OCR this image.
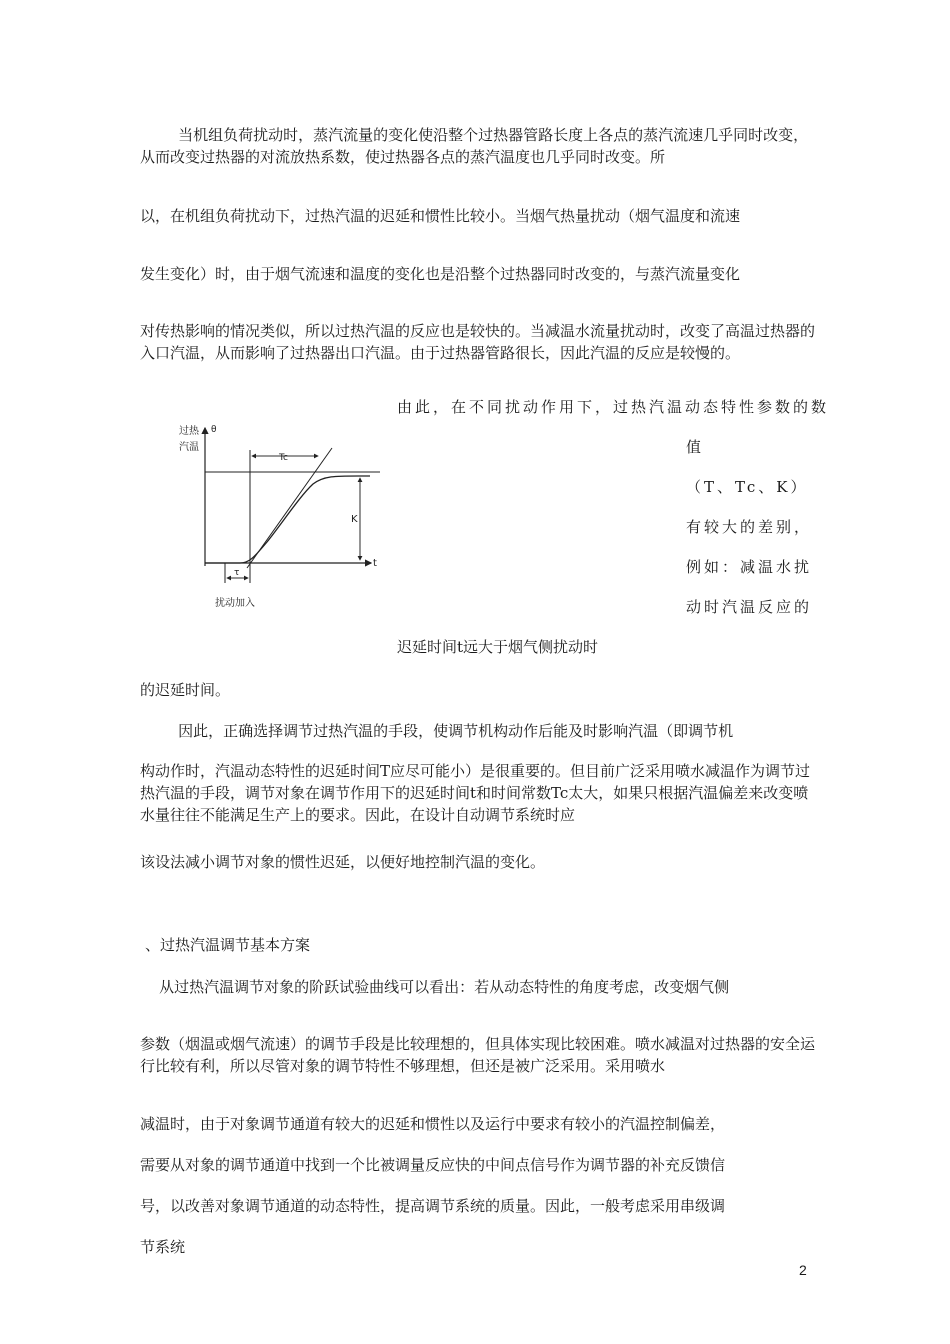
当机组负荷扰动时，蒸汽流量的变化使沿整个过热器管路长度上各点的蒸汽流速几乎同时改变，从而改变过热器的对流放热系数，使过热器各点的蒸汽温度也几乎同时改变。所
以，在机组负荷扰动下，过热汽温的迟延和惯性比较小。当烟气热量扰动（烟气温度和流速
发生变化）时，由于烟气流速和温度的变化也是沿整个过热器同时改变的，与蒸汽流量变化
对传热影响的情况类似，所以过热汽温的反应也是较快的。当减温水流量扰动时，改变了高温过热器的入口汽温，从而影响了过热器出口汽温。由于过热器管路很长，因此汽温的反应是较慢的。
由此，在不同扰动作用下，过热汽温动态特性参数的数
值
（T、Tc、K）
有较大的差别，
例如：减温水扰
动时汽温反应的
迟延时间t远大于烟气侧扰动时
过热
汽温
θ
t
Tc
K
τ
扰动加入
的迟延时间。
因此，正确选择调节过热汽温的手段，使调节机构动作后能及时影响汽温（即调节机
构动作时，汽温动态特性的迟延时间T应尽可能小）是很重要的。但目前广泛采用喷水减温作为调节过热汽温的手段，调节对象在调节作用下的迟延时间t和时间常数Tc太大，如果只根据汽温偏差来改变喷水量往往不能满足生产上的要求。因此，在设计自动调节系统时应
该设法减小调节对象的惯性迟延，以便好地控制汽温的变化。
、过热汽温调节基本方案
从过热汽温调节对象的阶跃试验曲线可以看出：若从动态特性的角度考虑，改变烟气侧
参数（烟温或烟气流速）的调节手段是比较理想的，但具体实现比较困难。喷水减温对过热器的安全运行比较有利，所以尽管对象的调节特性不够理想，但还是被广泛采用。采用喷水
减温时，由于对象调节通道有较大的迟延和惯性以及运行中要求有较小的汽温控制偏差，
需要从对象的调节通道中找到一个比被调量反应快的中间点信号作为调节器的补充反馈信
号，以改善对象调节通道的动态特性，提高调节系统的质量。因此，一般考虑采用串级调
节系统
2
